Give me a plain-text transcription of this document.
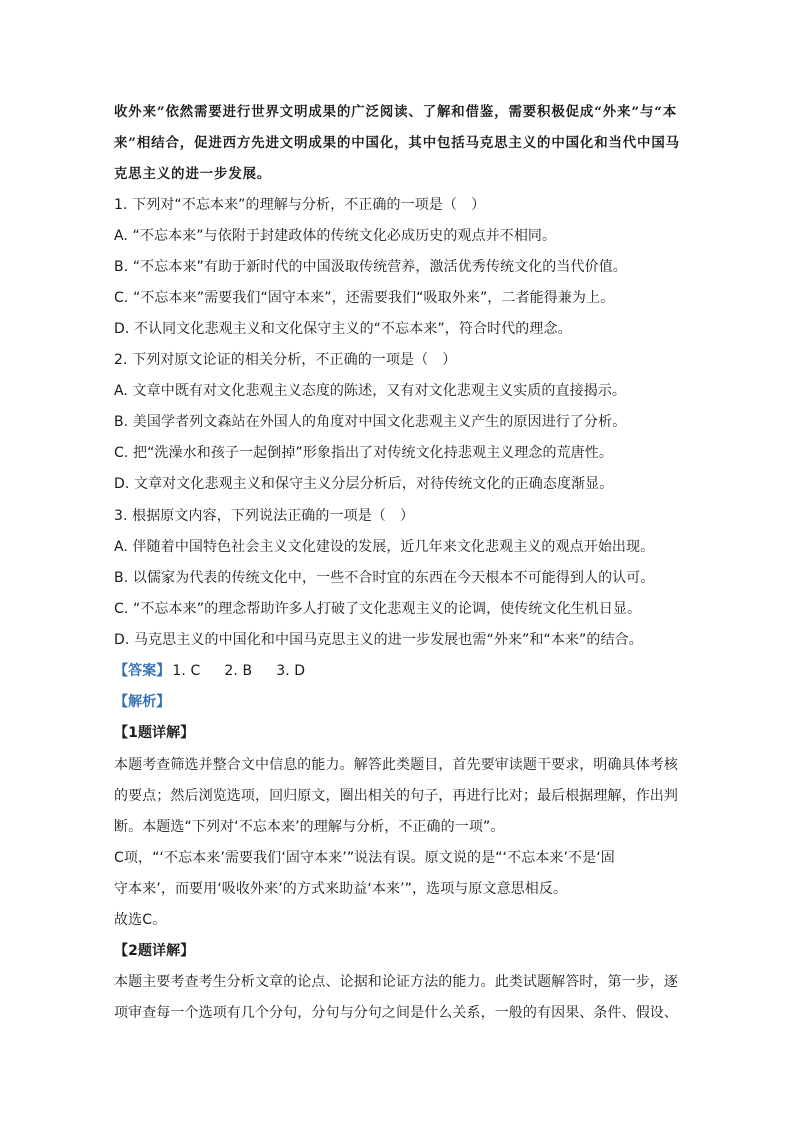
收外来”依然需要进行世界文明成果的广泛阅读、了解和借鉴，需要积极促成“外来”与“本
来”相结合，促进西方先进文明成果的中国化，其中包括马克思主义的中国化和当代中国马
克思主义的进一步发展。
1. 下列对“不忘本来”的理解与分析，不正确的一项是（　）
A. “不忘本来”与依附于封建政体的传统文化必成历史的观点并不相同。
B. “不忘本来”有助于新时代的中国汲取传统营养，激活优秀传统文化的当代价值。
C. “不忘本来”需要我们“固守本来”，还需要我们“吸取外来”，二者能得兼为上。
D. 不认同文化悲观主义和文化保守主义的“不忘本来”，符合时代的理念。
2. 下列对原文论证的相关分析，不正确的一项是（　）
A. 文章中既有对文化悲观主义态度的陈述，又有对文化悲观主义实质的直接揭示。
B. 美国学者列文森站在外国人的角度对中国文化悲观主义产生的原因进行了分析。
C. 把“洗澡水和孩子一起倒掉”形象指出了对传统文化持悲观主义理念的荒唐性。
D. 文章对文化悲观主义和保守主义分层分析后，对待传统文化的正确态度渐显。
3. 根据原文内容，下列说法正确的一项是（　）
A. 伴随着中国特色社会主义文化建设的发展，近几年来文化悲观主义的观点开始出现。
B. 以儒家为代表的传统文化中，一些不合时宜的东西在今天根本不可能得到人的认可。
C. “不忘本来”的理念帮助许多人打破了文化悲观主义的论调，使传统文化生机日显。
D. 马克思主义的中国化和中国马克思主义的进一步发展也需“外来”和“本来”的结合。
【答案】 1. C 2. B 3. D
【解析】
【1题详解】
本题考查筛选并整合文中信息的能力。解答此类题目，首先要审读题干要求，明确具体考核
的要点；然后浏览选项，回归原文，圈出相关的句子，再进行比对；最后根据理解，作出判
断。本题选“下列对‘不忘本来’的理解与分析，不正确的一项”。
C项，“‘不忘本来’需要我们‘固守本来’”说法有误。原文说的是“‘不忘本来’不是‘固
守本来’，而要用‘吸收外来’的方式来助益‘本来’”，选项与原文意思相反。
故选C。
【2题详解】
本题主要考查考生分析文章的论点、论据和论证方法的能力。此类试题解答时，第一步，逐
项审查每一个选项有几个分句，分句与分句之间是什么关系，一般的有因果、条件、假设、
